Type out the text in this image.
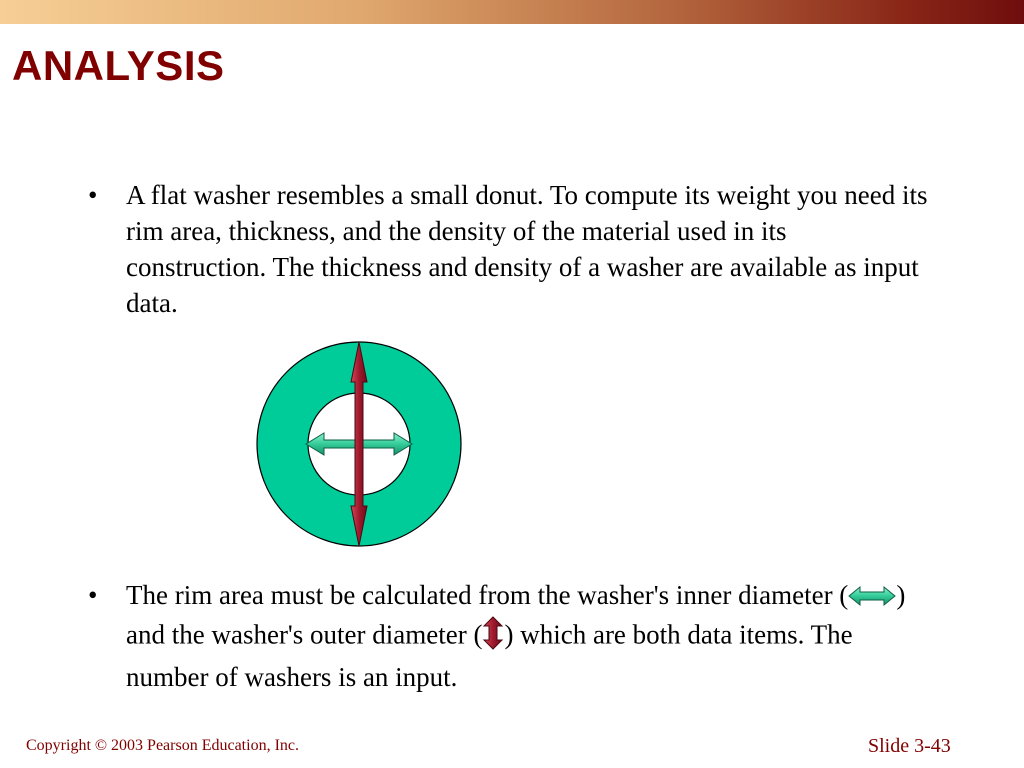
ANALYSIS
• A flat washer resembles a small donut. To compute its weight you need its rim area, thickness, and the density of the material used in its construction. The thickness and density of a washer are available as input data.
• The rim area must be calculated from the washer's inner diameter ( ) and the washer's outer diameter ( ) which are both data items. The number of washers is an input.
Copyright © 2003 Pearson Education, Inc.	Slide 3-43
